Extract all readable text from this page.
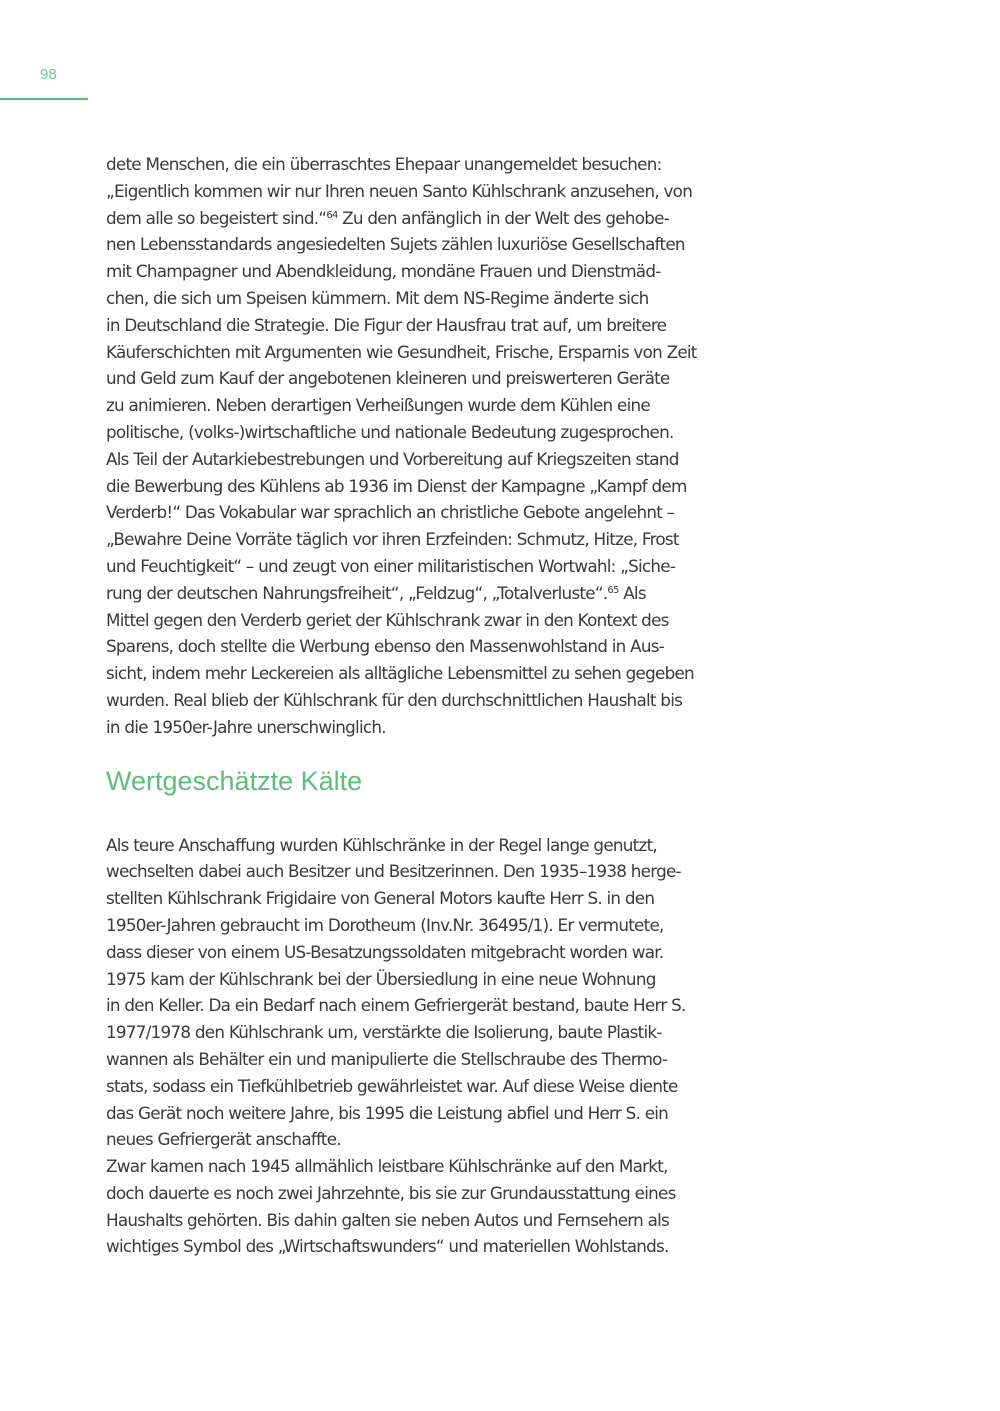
98
dete Menschen, die ein überraschtes Ehepaar unangemeldet besuchen:
„Eigentlich kommen wir nur Ihren neuen Santo Kühlschrank anzusehen, von
dem alle so begeistert sind.“$^{64}$ Zu den anfänglich in der Welt des gehobe-
nen Lebensstandards angesiedelten Sujets zählen luxuriöse Gesellschaften
mit Champagner und Abendkleidung, mondäne Frauen und Dienstmäd-
chen, die sich um Speisen kümmern. Mit dem NS-Regime änderte sich
in Deutschland die Strategie. Die Figur der Hausfrau trat auf, um breitere
Käuferschichten mit Argumenten wie Gesundheit, Frische, Ersparnis von Zeit
und Geld zum Kauf der angebotenen kleineren und preiswerteren Geräte
zu animieren. Neben derartigen Verheißungen wurde dem Kühlen eine
politische, (volks-)wirtschaftliche und nationale Bedeutung zugesprochen.
Als Teil der Autarkiebestrebungen und Vorbereitung auf Kriegszeiten stand
die Bewerbung des Kühlens ab 1936 im Dienst der Kampagne „Kampf dem
Verderb!“ Das Vokabular war sprachlich an christliche Gebote angelehnt –
„Bewahre Deine Vorräte täglich vor ihren Erzfeinden: Schmutz, Hitze, Frost
und Feuchtigkeit“ – und zeugt von einer militaristischen Wortwahl: „Siche-
rung der deutschen Nahrungsfreiheit“, „Feldzug“, „Totalverluste“.$^{65}$ Als
Mittel gegen den Verderb geriet der Kühlschrank zwar in den Kontext des
Sparens, doch stellte die Werbung ebenso den Massenwohlstand in Aus-
sicht, indem mehr Leckereien als alltägliche Lebensmittel zu sehen gegeben
wurden. Real blieb der Kühlschrank für den durchschnittlichen Haushalt bis
in die 1950er-Jahre unerschwinglich.
Wertgeschätzte Kälte
Als teure Anschaffung wurden Kühlschränke in der Regel lange genutzt,
wechselten dabei auch Besitzer und Besitzerinnen. Den 1935–1938 herge-
stellten Kühlschrank Frigidaire von General Motors kaufte Herr S. in den
1950er-Jahren gebraucht im Dorotheum (Inv.Nr. 36495/1). Er vermutete,
dass dieser von einem US-Besatzungssoldaten mitgebracht worden war.
1975 kam der Kühlschrank bei der Übersiedlung in eine neue Wohnung
in den Keller. Da ein Bedarf nach einem Gefriergerät bestand, baute Herr S.
1977/1978 den Kühlschrank um, verstärkte die Isolierung, baute Plastik-
wannen als Behälter ein und manipulierte die Stellschraube des Thermo-
stats, sodass ein Tiefkühlbetrieb gewährleistet war. Auf diese Weise diente
das Gerät noch weitere Jahre, bis 1995 die Leistung abfiel und Herr S. ein
neues Gefriergerät anschaffte.
Zwar kamen nach 1945 allmählich leistbare Kühlschränke auf den Markt,
doch dauerte es noch zwei Jahrzehnte, bis sie zur Grundausstattung eines
Haushalts gehörten. Bis dahin galten sie neben Autos und Fernsehern als
wichtiges Symbol des „Wirtschaftswunders“ und materiellen Wohlstands.
